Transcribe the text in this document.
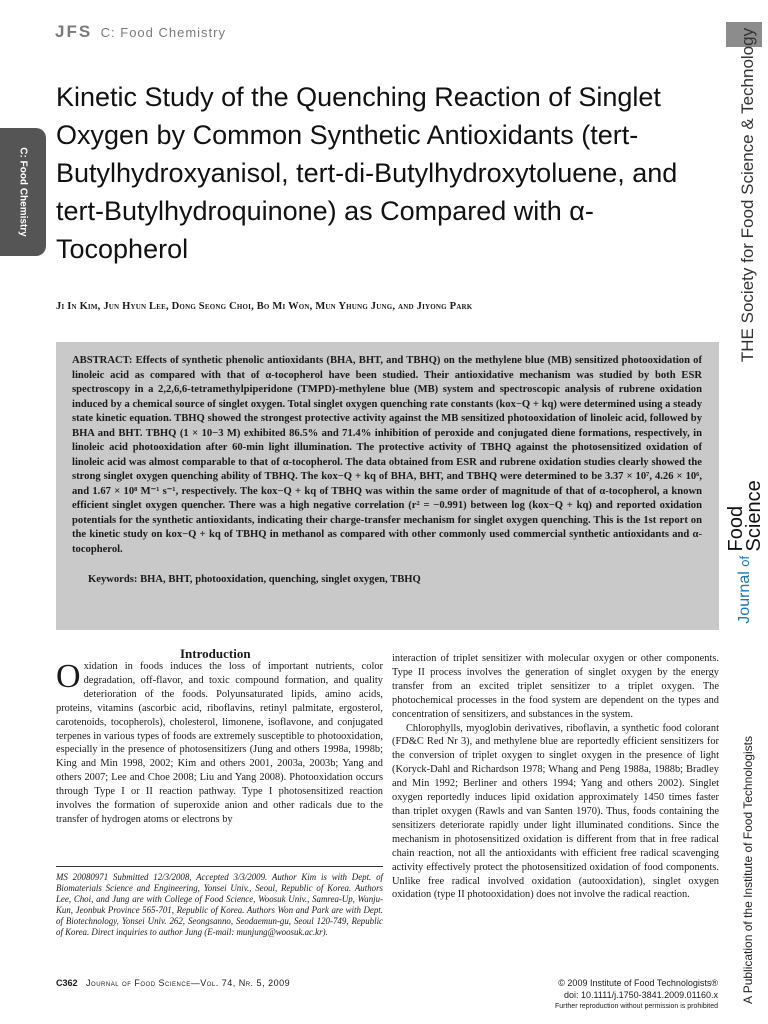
JFS C: Food Chemistry
C: Food Chemistry
Kinetic Study of the Quenching Reaction of Singlet Oxygen by Common Synthetic Antioxidants (tert-Butylhydroxyanisol, tert-di-Butylhydroxytoluene, and tert-Butylhydroquinone) as Compared with α-Tocopherol
Ji In Kim, Jun Hyun Lee, Dong Seong Choi, Bo Mi Won, Mun Yhung Jung, and Jiyong Park
ABSTRACT: Effects of synthetic phenolic antioxidants (BHA, BHT, and TBHQ) on the methylene blue (MB) sensitized photooxidation of linoleic acid as compared with that of α-tocopherol have been studied. Their antioxidative mechanism was studied by both ESR spectroscopy in a 2,2,6,6-tetramethylpiperidone (TMPD)-methylene blue (MB) system and spectroscopic analysis of rubrene oxidation induced by a chemical source of singlet oxygen. Total singlet oxygen quenching rate constants (kox−Q + kq) were determined using a steady state kinetic equation. TBHQ showed the strongest protective activity against the MB sensitized photooxidation of linoleic acid, followed by BHA and BHT. TBHQ (1 × 10−3 M) exhibited 86.5% and 71.4% inhibition of peroxide and conjugated diene formations, respectively, in linoleic acid photooxidation after 60-min light illumination. The protective activity of TBHQ against the photosensitized oxidation of linoleic acid was almost comparable to that of α-tocopherol. The data obtained from ESR and rubrene oxidation studies clearly showed the strong singlet oxygen quenching ability of TBHQ. The kox−Q + kq of BHA, BHT, and TBHQ were determined to be 3.37 × 10⁷, 4.26 × 10⁶, and 1.67 × 10⁸ M⁻¹ s⁻¹, respectively. The kox−Q + kq of TBHQ was within the same order of magnitude of that of α-tocopherol, a known efficient singlet oxygen quencher. There was a high negative correlation (r² = −0.991) between log (kox−Q + kq) and reported oxidation potentials for the synthetic antioxidants, indicating their charge-transfer mechanism for singlet oxygen quenching. This is the 1st report on the kinetic study on kox−Q + kq of TBHQ in methanol as compared with other commonly used commercial synthetic antioxidants and α-tocopherol.
Keywords: BHA, BHT, photooxidation, quenching, singlet oxygen, TBHQ
Introduction
Oxidation in foods induces the loss of important nutrients, color degradation, off-flavor, and toxic compound formation, and quality deterioration of the foods. Polyunsaturated lipids, amino acids, proteins, vitamins (ascorbic acid, riboflavins, retinyl palmitate, ergosterol, carotenoids, tocopherols), cholesterol, limonene, isoflavone, and conjugated terpenes in various types of foods are extremely susceptible to photooxidation, especially in the presence of photosensitizers (Jung and others 1998a, 1998b; King and Min 1998, 2002; Kim and others 2001, 2003a, 2003b; Yang and others 2007; Lee and Choe 2008; Liu and Yang 2008). Photooxidation occurs through Type I or II reaction pathway. Type I photosensitized reaction involves the formation of superoxide anion and other radicals due to the transfer of hydrogen atoms or electrons by

interaction of triplet sensitizer with molecular oxygen or other components. Type II process involves the generation of singlet oxygen by the energy transfer from an excited triplet sensitizer to a triplet oxygen. The photochemical processes in the food system are dependent on the types and concentration of sensitizers, and substances in the system.

Chlorophylls, myoglobin derivatives, riboflavin, a synthetic food colorant (FD&C Red Nr 3), and methylene blue are reportedly efficient sensitizers for the conversion of triplet oxygen to singlet oxygen in the presence of light (Koryck-Dahl and Richardson 1978; Whang and Peng 1988a, 1988b; Bradley and Min 1992; Berliner and others 1994; Yang and others 2002). Singlet oxygen reportedly induces lipid oxidation approximately 1450 times faster than triplet oxygen (Rawls and van Santen 1970). Thus, foods containing the sensitizers deteriorate rapidly under light illuminated conditions. Since the mechanism in photosensitized oxidation is different from that in free radical chain reaction, not all the antioxidants with efficient free radical scavenging activity effectively protect the photosensitized oxidation of food components. Unlike free radical involved oxidation (autooxidation), singlet oxygen oxidation (type II photooxidation) does not involve the radical reaction.

MS 20080971 Submitted 12/3/2008, Accepted 3/3/2009. Author Kim is with Dept. of Biomaterials Science and Engineering, Yonsei Univ., Seoul, Republic of Korea. Authors Lee, Choi, and Jung are with College of Food Science, Woosuk Univ., Samrea-Up, Wanju-Kun, Jeonbuk Province 565-701, Republic of Korea. Authors Won and Park are with Dept. of Biotechnology, Yonsei Univ. 262, Seongsanno, Seodaemun-gu, Seoul 120-749, Republic of Korea. Direct inquiries to author Jung (E-mail: munjung@woosuk.ac.kr).
C362 Journal of Food Science—Vol. 74, Nr. 5, 2009	© 2009 Institute of Food Technologists®
doi: 10.1111/j.1750-3841.2009.01160.x
Further reproduction without permission is prohibited
THE Society for Food Science & Technology
Journal of Food
Science
A Publication of the Institute of Food Technologists
